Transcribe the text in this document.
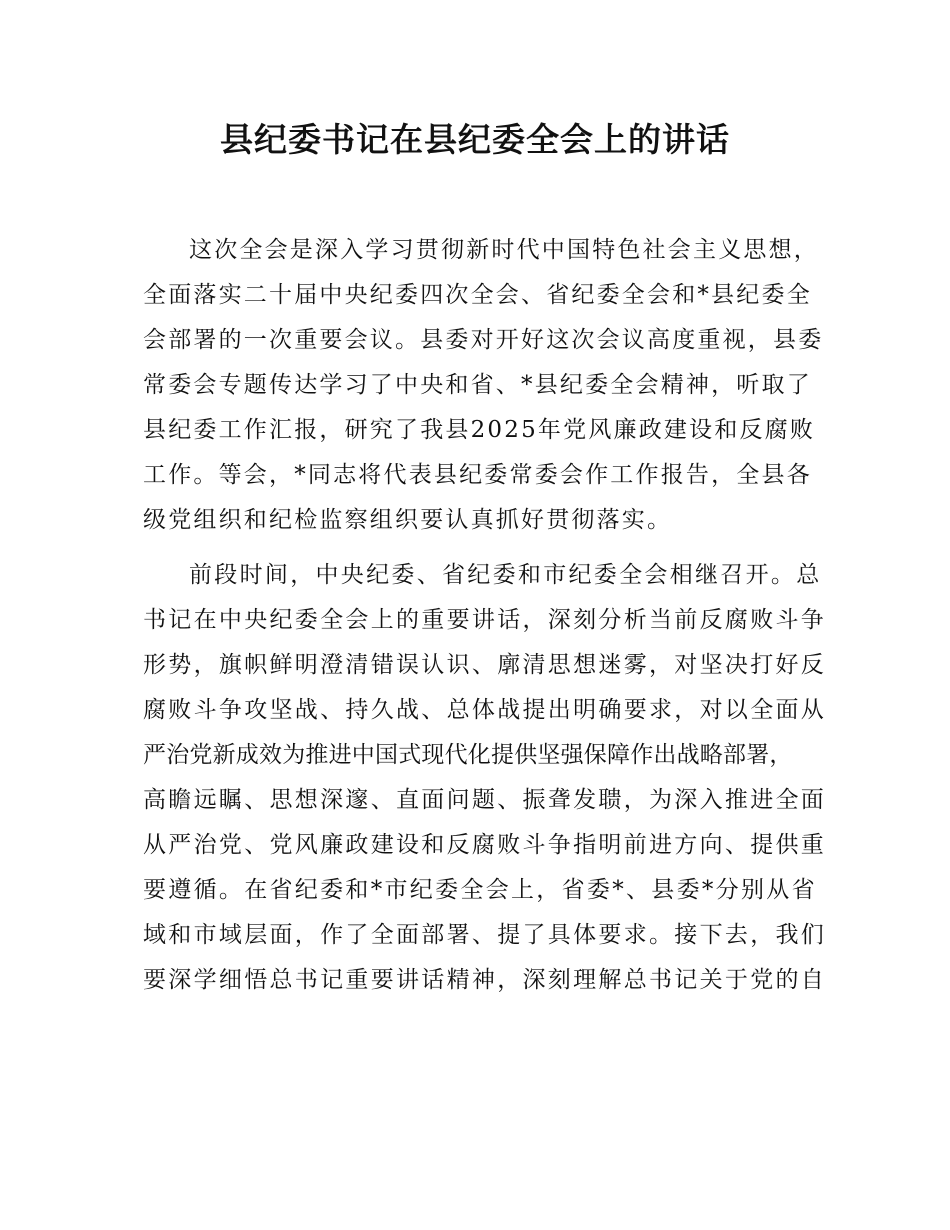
县纪委书记在县纪委全会上的讲话
这次全会是深入学习贯彻新时代中国特色社会主义思想，
全面落实二十届中央纪委四次全会、省纪委全会和*县纪委全
会部署的一次重要会议。县委对开好这次会议高度重视，县委
常委会专题传达学习了中央和省、*县纪委全会精神，听取了
县纪委工作汇报，研究了我县2025年党风廉政建设和反腐败
工作。等会，*同志将代表县纪委常委会作工作报告，全县各
级党组织和纪检监察组织要认真抓好贯彻落实。
前段时间，中央纪委、省纪委和市纪委全会相继召开。总
书记在中央纪委全会上的重要讲话，深刻分析当前反腐败斗争
形势，旗帜鲜明澄清错误认识、廓清思想迷雾，对坚决打好反
腐败斗争攻坚战、持久战、总体战提出明确要求，对以全面从
严治党新成效为推进中国式现代化提供坚强保障作出战略部署，
高瞻远瞩、思想深邃、直面问题、振聋发聩，为深入推进全面
从严治党、党风廉政建设和反腐败斗争指明前进方向、提供重
要遵循。在省纪委和*市纪委全会上，省委*、县委*分别从省
域和市域层面，作了全面部署、提了具体要求。接下去，我们
要深学细悟总书记重要讲话精神，深刻理解总书记关于党的自
